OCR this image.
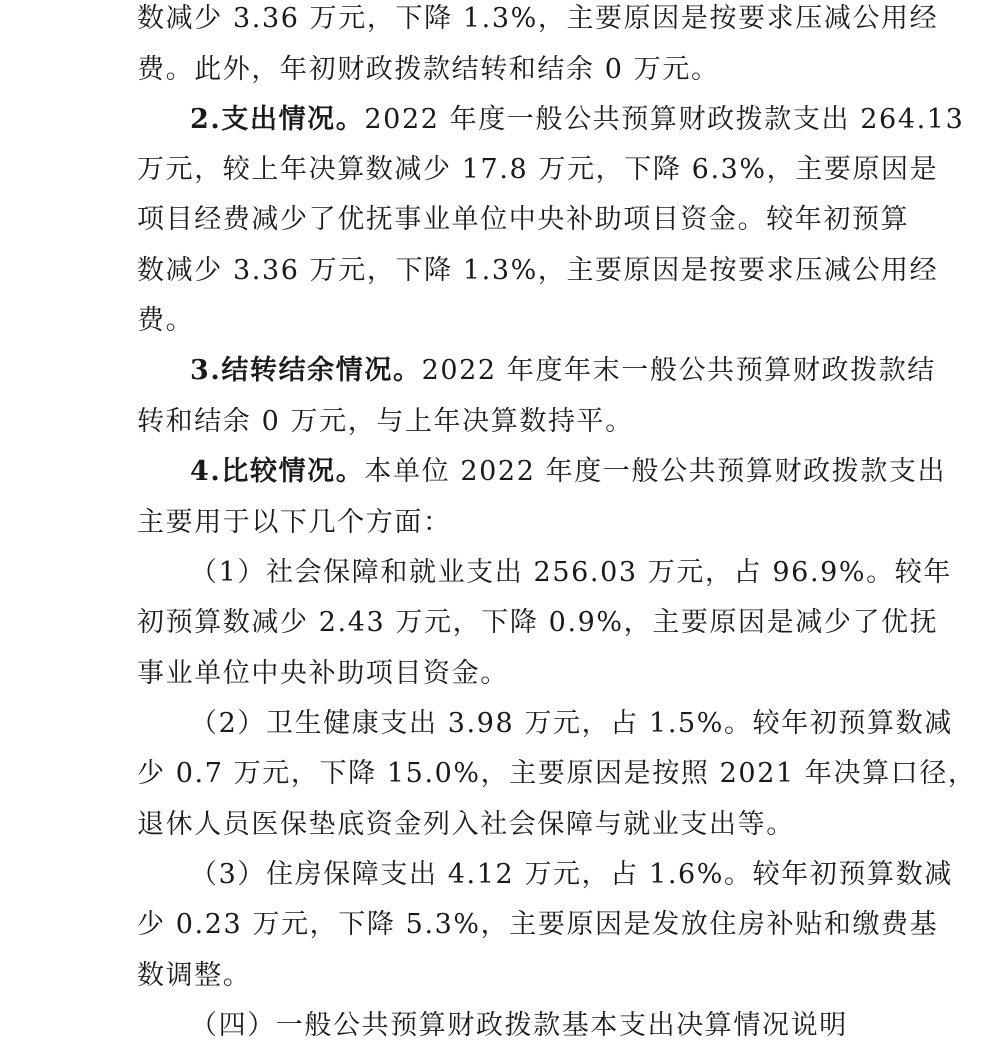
数减少 3.36 万元，下降 1.3%，主要原因是按要求压减公用经
费。此外，年初财政拨款结转和结余 0 万元。
2.支出情况。2022 年度一般公共预算财政拨款支出 264.13
万元，较上年决算数减少 17.8 万元，下降 6.3%，主要原因是
项目经费减少了优抚事业单位中央补助项目资金。较年初预算
数减少 3.36 万元，下降 1.3%，主要原因是按要求压减公用经
费。
3.结转结余情况。2022 年度年末一般公共预算财政拨款结
转和结余 0 万元，与上年决算数持平。
4.比较情况。本单位 2022 年度一般公共预算财政拨款支出
主要用于以下几个方面：
（1）社会保障和就业支出 256.03 万元，占 96.9%。较年
初预算数减少 2.43 万元，下降 0.9%，主要原因是减少了优抚
事业单位中央补助项目资金。
（2）卫生健康支出 3.98 万元，占 1.5%。较年初预算数减
少 0.7 万元，下降 15.0%，主要原因是按照 2021 年决算口径，
退休人员医保垫底资金列入社会保障与就业支出等。
（3）住房保障支出 4.12 万元，占 1.6%。较年初预算数减
少 0.23 万元，下降 5.3%，主要原因是发放住房补贴和缴费基
数调整。
（四）一般公共预算财政拨款基本支出决算情况说明
